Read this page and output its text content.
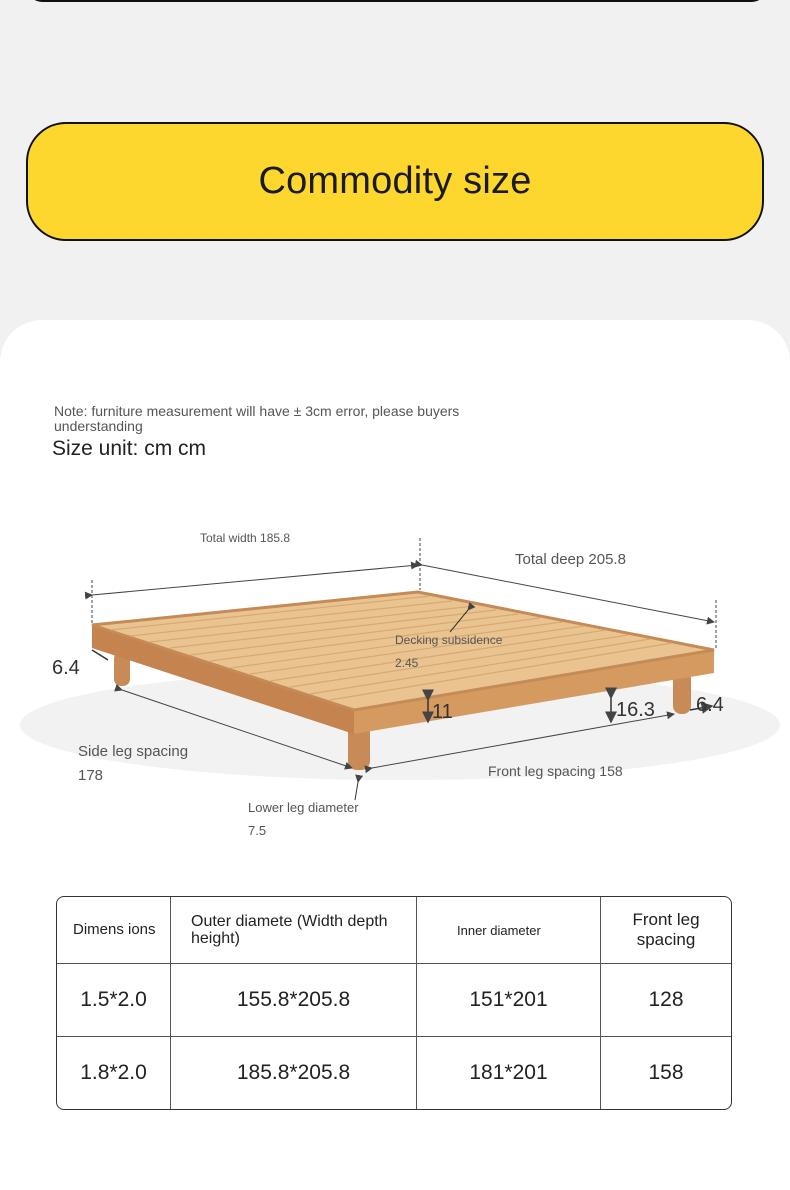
Commodity size
Note: furniture measurement will have ± 3cm error, please buyers understanding
Size unit: cm cm
Total width 185.8
Total deep 205.8
Decking subsidence
2.45
6.4
11	16.3 6.4
Side leg spacing
178	Front leg spacing 158
Lower leg diameter
7.5
Dimens ions	Outer diamete (Width depth height)	Inner diameter	Front leg spacing
1.5*2.0	155.8*205.8	151*201	128
1.8*2.0	185.8*205.8	181*201	158
